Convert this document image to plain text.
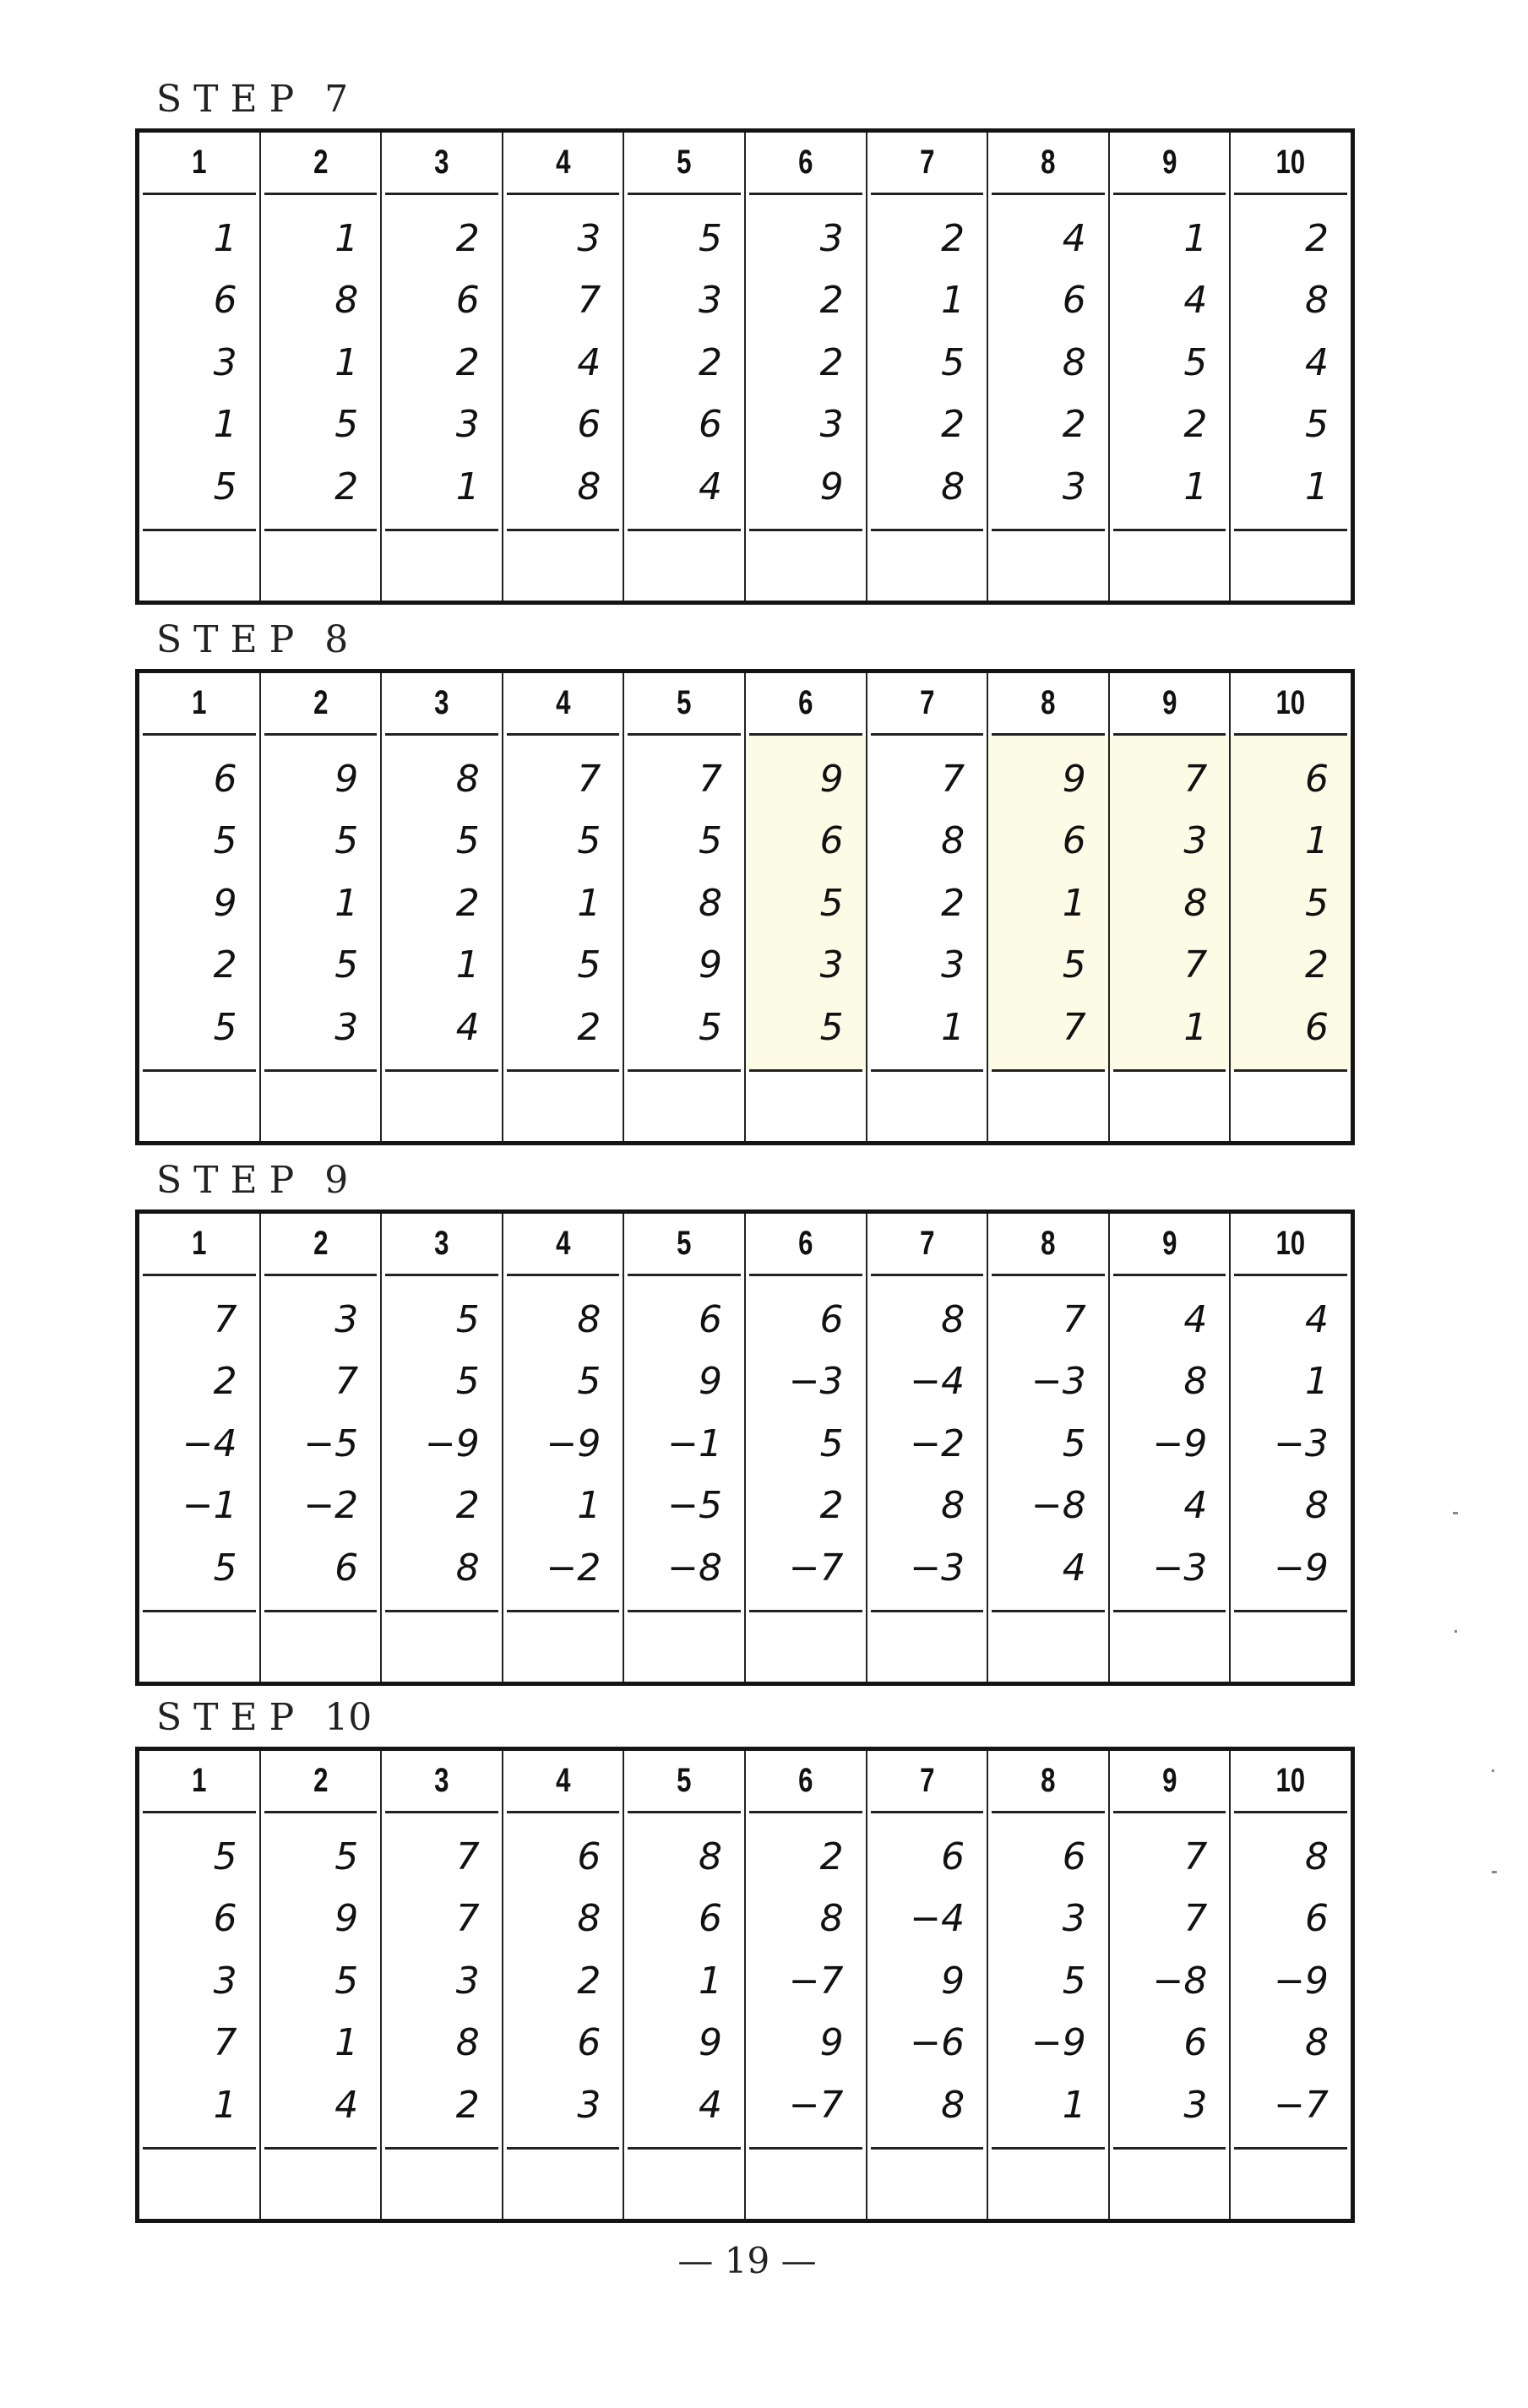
STEP 7
1
1
6
3
1
5
2
1
8
1
5
2
3
2
6
2
3
1
4
3
7
4
6
8
5
5
3
2
6
4
6
3
2
2
3
9
7
2
1
5
2
8
8
4
6
8
2
3
9
1
4
5
2
1
10
2
8
4
5
1
STEP 8
1
6
5
9
2
5
2
9
5
1
5
3
3
8
5
2
1
4
4
7
5
1
5
2
5
7
5
8
9
5
6
9
6
5
3
5
7
7
8
2
3
1
8
9
6
1
5
7
9
7
3
8
7
1
10
6
1
5
2
6
STEP 9
1
7
2
−4
−1
5
2
3
7
−5
−2
6
3
5
5
−9
2
8
4
8
5
−9
1
−2
5
6
9
−1
−5
−8
6
6
−3
5
2
−7
7
8
−4
−2
8
−3
8
7
−3
5
−8
4
9
4
8
−9
4
−3
10
4
1
−3
8
−9
STEP 10
1
5
6
3
7
1
2
5
9
5
1
4
3
7
7
3
8
2
4
6
8
2
6
3
5
8
6
1
9
4
6
2
8
−7
9
−7
7
6
−4
9
−6
8
8
6
3
5
−9
1
9
7
7
−8
6
3
10
8
6
−9
8
−7
— 19 —
